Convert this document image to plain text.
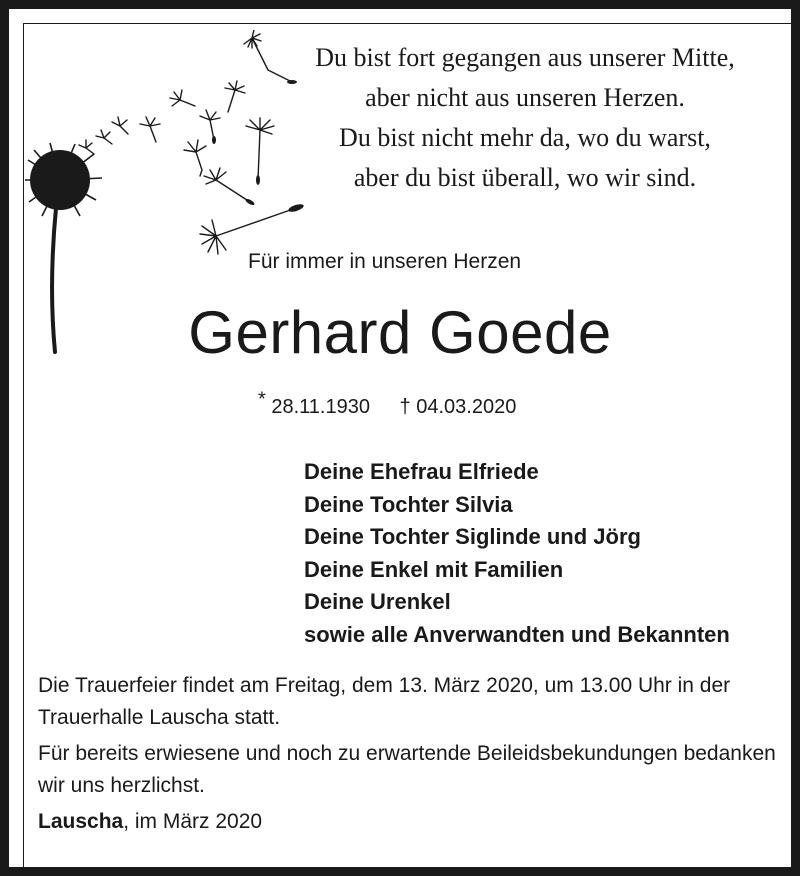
Du bist fort gegangen aus unserer Mitte,
aber nicht aus unseren Herzen.
Du bist nicht mehr da, wo du warst,
aber du bist überall, wo wir sind.
Für immer in unseren Herzen
Gerhard Goede
* 28.11.1930 † 04.03.2020
Deine Ehefrau Elfriede
Deine Tochter Silvia
Deine Tochter Siglinde und Jörg
Deine Enkel mit Familien
Deine Urenkel
sowie alle Anverwandten und Bekannten

Die Trauerfeier findet am Freitag, dem 13. März 2020, um 13.00 Uhr in der Trauerhalle Lauscha statt.

Für bereits erwiesene und noch zu erwartende Beileidsbekundungen bedanken wir uns herzlichst.

Lauscha, im März 2020
